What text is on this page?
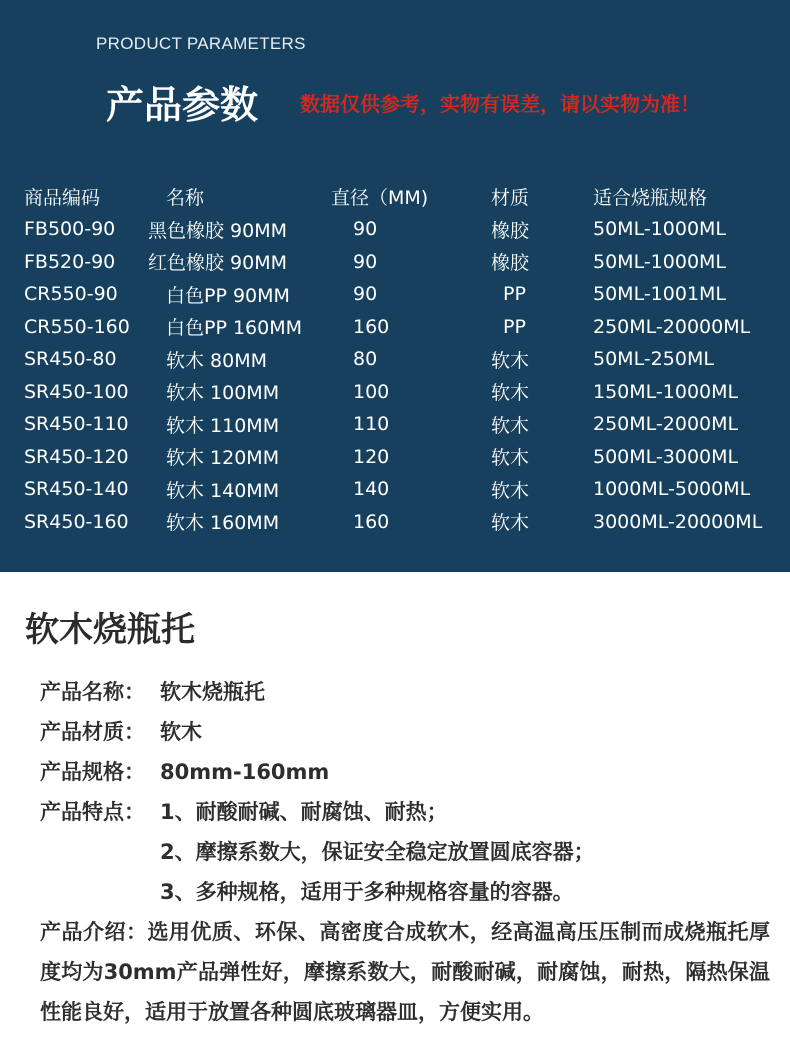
PRODUCT PARAMETERS
产品参数 数据仅供参考，实物有误差，请以实物为准！
商品编码	名称	直径（MM)	材质	适合烧瓶规格
FB500-90	黑色橡胶 90MM	90	橡胶	50ML-1000ML
FB520-90	红色橡胶 90MM	90	橡胶	50ML-1000ML
CR550-90	白色PP 90MM	90	PP	50ML-1001ML
CR550-160	白色PP 160MM	160	PP	250ML-20000ML
SR450-80	软木 80MM	80	软木	50ML-250ML
SR450-100	软木 100MM	100	软木	150ML-1000ML
SR450-110	软木 110MM	110	软木	250ML-2000ML
SR450-120	软木 120MM	120	软木	500ML-3000ML
SR450-140	软木 140MM	140	软木	1000ML-5000ML
SR450-160	软木 160MM	160	软木	3000ML-20000ML
软木烧瓶托
产品名称： 软木烧瓶托
产品材质： 软木
产品规格： 80mm-160mm
产品特点： 1、耐酸耐碱、耐腐蚀、耐热；
2、摩擦系数大，保证安全稳定放置圆底容器；
3、多种规格，适用于多种规格容量的容器。
产品介绍：选用优质、环保、高密度合成软木，经高温高压压制而成烧瓶托厚度均为30mm产品弹性好，摩擦系数大，耐酸耐碱，耐腐蚀，耐热，隔热保温性能良好，适用于放置各种圆底玻璃器皿，方便实用。
